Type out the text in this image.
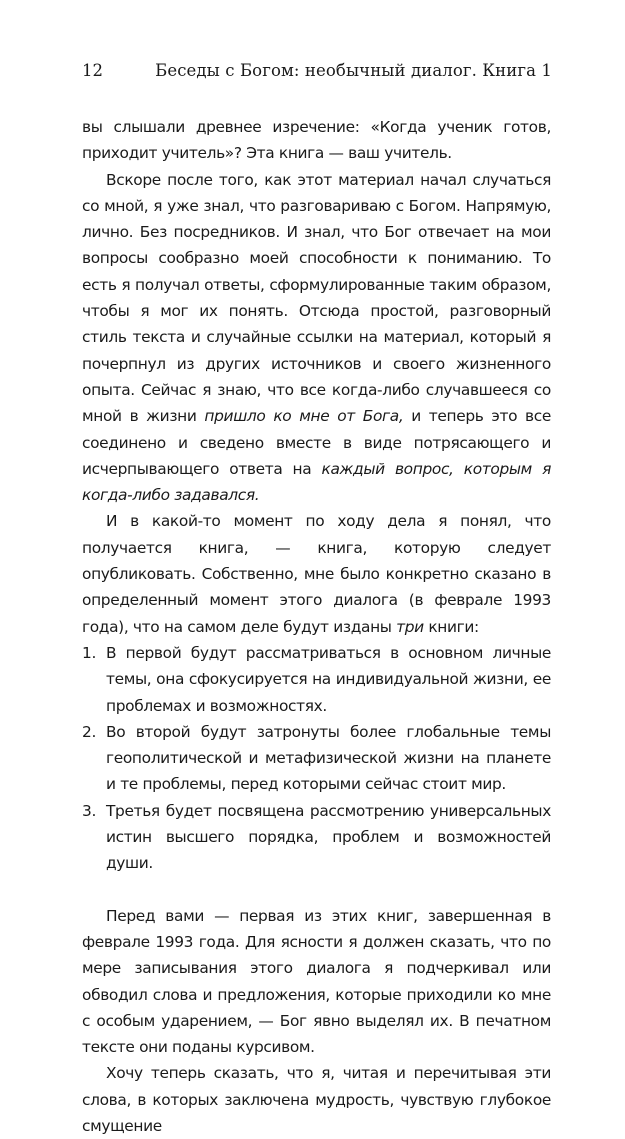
12	Беседы с Богом: необычный диалог. Книга 1

вы слышали древнее изречение: «Когда ученик готов, приходит учитель»? Эта книга — ваш учитель.

Вскоре после того, как этот материал начал случаться со мной, я уже знал, что разговариваю с Богом. Напрямую, лично. Без посредников. И знал, что Бог отвечает на мои вопросы сообразно моей способности к пониманию. То есть я получал ответы, сформулированные таким образом, чтобы я мог их понять. Отсюда простой, разговорный стиль текста и случайные ссылки на материал, который я почерпнул из других источников и своего жизненного опыта. Сейчас я знаю, что все когда-либо случавшееся со мной в жизни пришло ко мне от Бога, и теперь это все соединено и сведено вместе в виде потрясающего и исчерпывающего ответа на каждый вопрос, которым я когда-либо задавался.

И в какой-то момент по ходу дела я понял, что получается книга, — книга, которую следует опубликовать. Собственно, мне было конкретно сказано в определенный момент этого диалога (в феврале 1993 года), что на самом деле будут изданы три книги:

1. В первой будут рассматриваться в основном личные темы, она сфокусируется на индивидуальной жизни, ее проблемах и возможностях.
2. Во второй будут затронуты более глобальные темы геополитической и метафизической жизни на планете и те проблемы, перед которыми сейчас стоит мир.
3. Третья будет посвящена рассмотрению универсальных истин высшего порядка, проблем и возможностей души.

Перед вами — первая из этих книг, завершенная в феврале 1993 года. Для ясности я должен сказать, что по мере записывания этого диалога я подчеркивал или обводил слова и предложения, которые приходили ко мне с особым ударением, — Бог явно выделял их. В печатном тексте они поданы курсивом.

Хочу теперь сказать, что я, читая и перечитывая эти слова, в которых заключена мудрость, чувствую глубокое смущение
